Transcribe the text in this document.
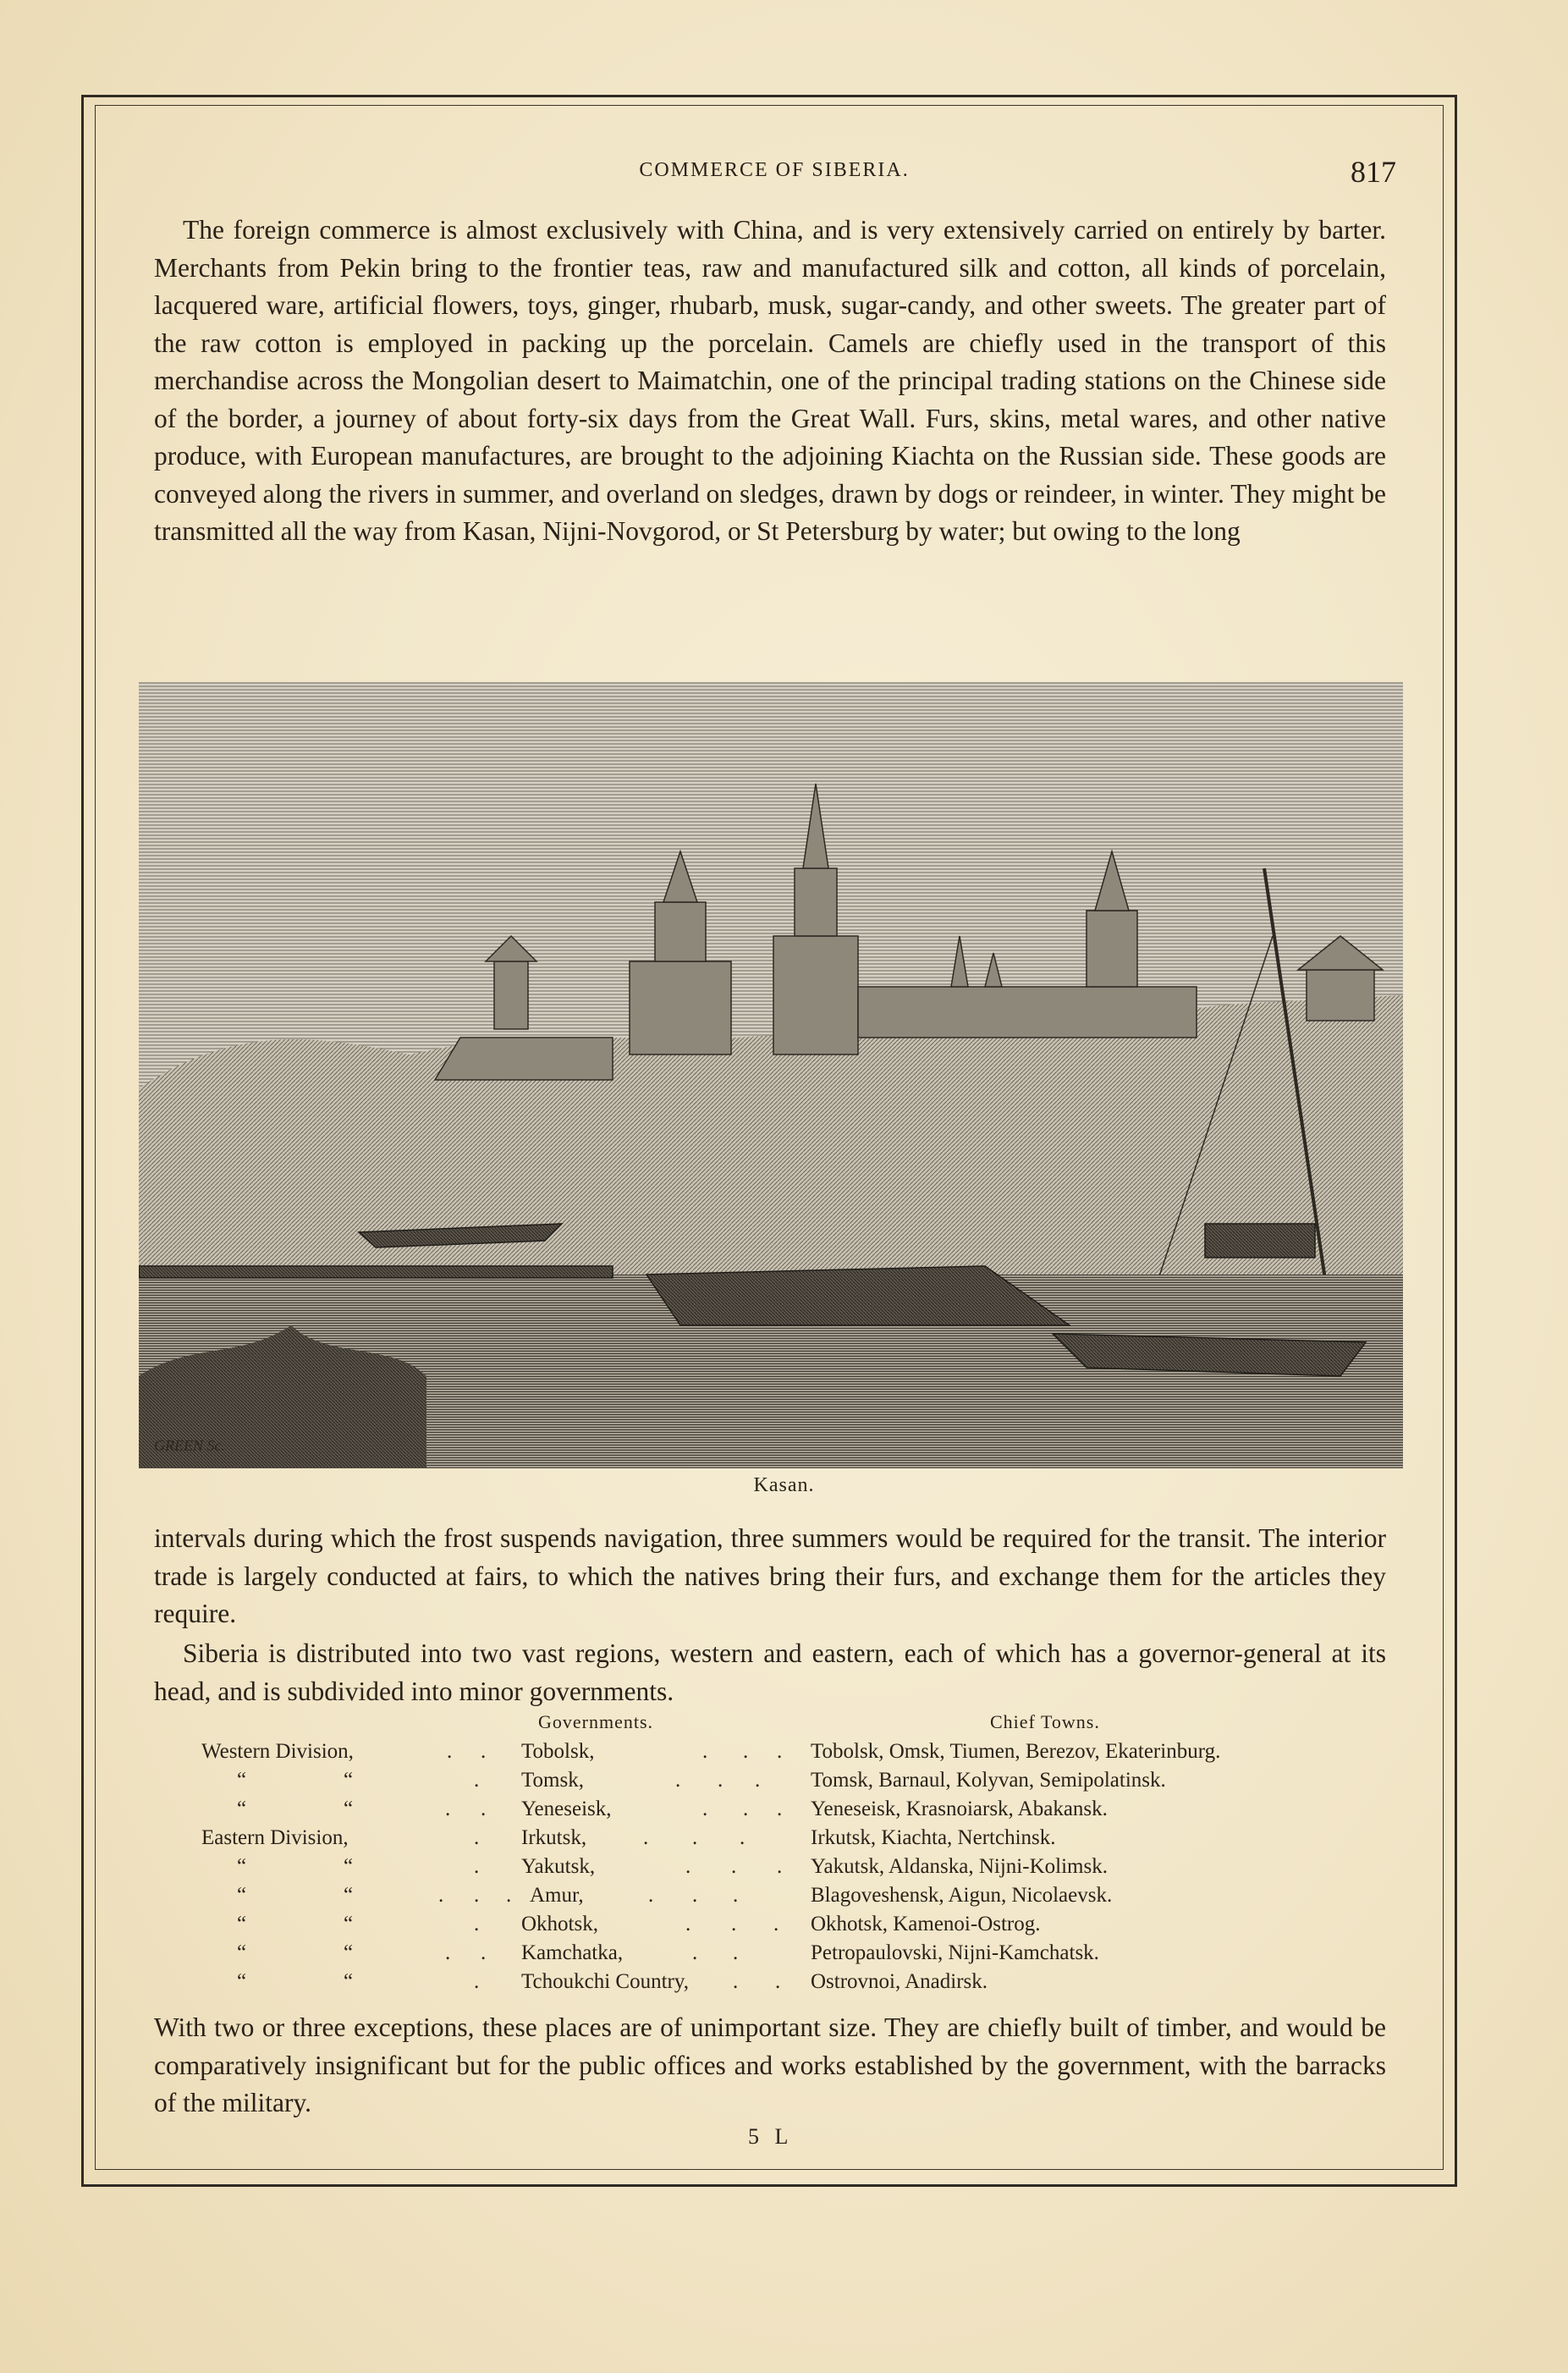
COMMERCE OF SIBERIA.	817

The foreign commerce is almost exclusively with China, and is very extensively carried on entirely by barter. Merchants from Pekin bring to the frontier teas, raw and manufactured silk and cotton, all kinds of porcelain, lacquered ware, artificial flowers, toys, ginger, rhubarb, musk, sugar-candy, and other sweets. The greater part of the raw cotton is employed in packing up the porcelain. Camels are chiefly used in the transport of this merchandise across the Mongolian desert to Maimatchin, one of the principal trading stations on the Chinese side of the border, a journey of about forty-six days from the Great Wall. Furs, skins, metal wares, and other native produce, with European manufactures, are brought to the adjoining Kiachta on the Russian side. These goods are conveyed along the rivers in summer, and overland on sledges, drawn by dogs or reindeer, in winter. They might be transmitted all the way from Kasan, Nijni-Novgorod, or St Petersburg by water; but owing to the long

GREEN Sc.
Kasan.

intervals during which the frost suspends navigation, three summers would be required for the transit. The interior trade is largely conducted at fairs, to which the natives bring their furs, and exchange them for the articles they require.

Siberia is distributed into two vast regions, western and eastern, each of which has a governor-general at its head, and is subdivided into minor governments.

Governments.	Chief Towns.
Western Division,	. . Tobolsk,	. . . Tobolsk, Omsk, Tiumen, Berezov, Ekaterinburg.
“	“	. Tomsk,	. . . Tomsk, Barnaul, Kolyvan, Semipolatinsk.
“	“	. . Yeneseisk,	. . . Yeneseisk, Krasnoiarsk, Abakansk.
Eastern Division,	. Irkutsk,	. . .	Irkutsk, Kiachta, Nertchinsk.
“	“	. Yakutsk,	. . . Yakutsk, Aldanska, Nijni-Kolimsk.
“	“	. . . Amur,	. . .	Blagoveshensk, Aigun, Nicolaevsk.
“	“	. Okhotsk,	. . . Okhotsk, Kamenoi-Ostrog.
“	“	. . Kamchatka,	. .	Petropaulovski, Nijni-Kamchatsk.
“	“	. Tchoukchi Country, . . Ostrovnoi, Anadirsk.

With two or three exceptions, these places are of unimportant size. They are chiefly built of timber, and would be comparatively insignificant but for the public offices and works established by the government, with the barracks of the military.

5 L
